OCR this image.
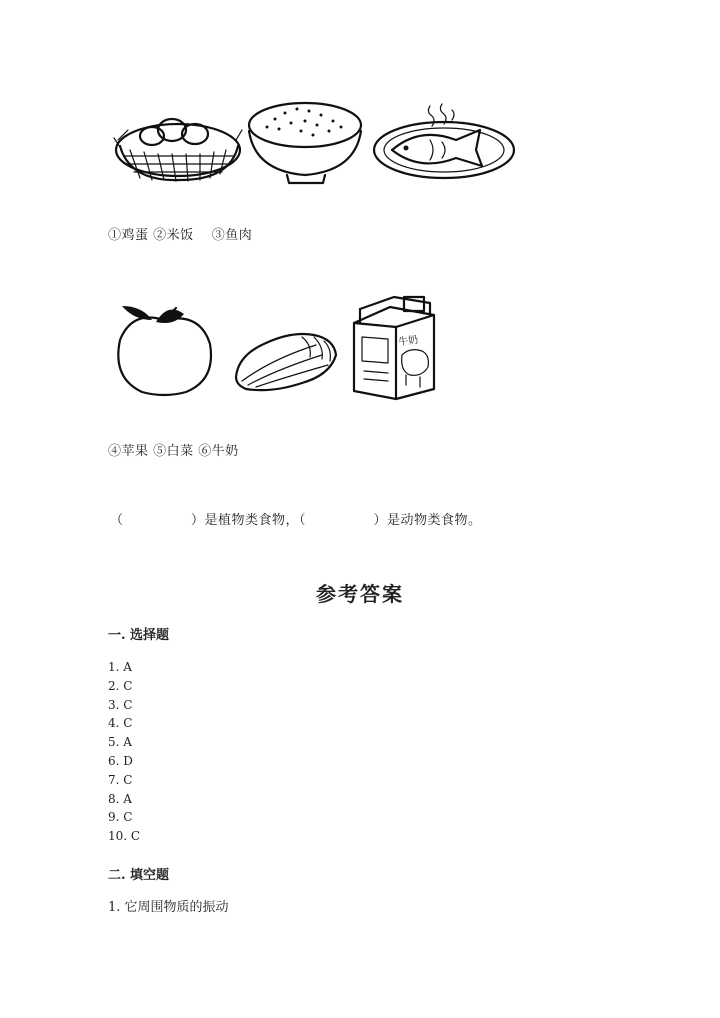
①鸡蛋 ②米饭　 ③鱼肉
牛奶
④苹果 ⑤白菜 ⑥牛奶
（　　　　　）是植物类食物，（　　　　　）是动物类食物。
参考答案
一. 选择题
1. A
2. C
3. C
4. C
5. A
6. D
7. C
8. A
9. C
10. C
二. 填空题
1. 它周围物质的振动
